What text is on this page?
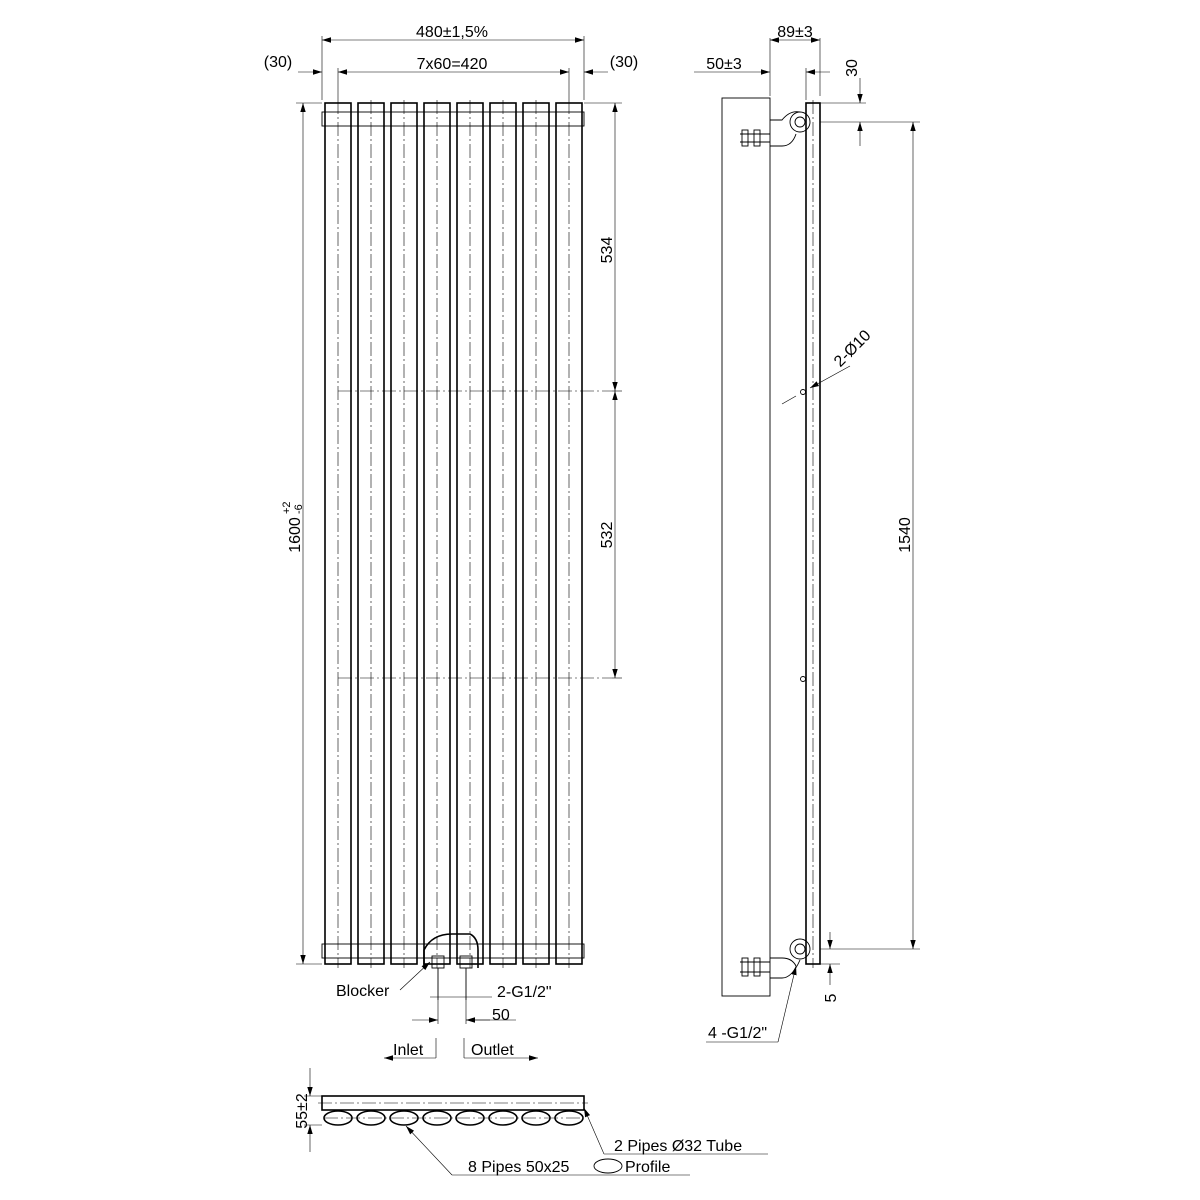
480±1,5%
7x60=420
(30)	(30)
1600
+2 -6
534
532
Blocker	2-G1/2"
50
Inlet	Outlet
89±3
50±3	30
1540
5
2-Ø10
4 -G1/2"
55±2
2 Pipes Ø32 Tube
8 Pipes 50x25	Profile
